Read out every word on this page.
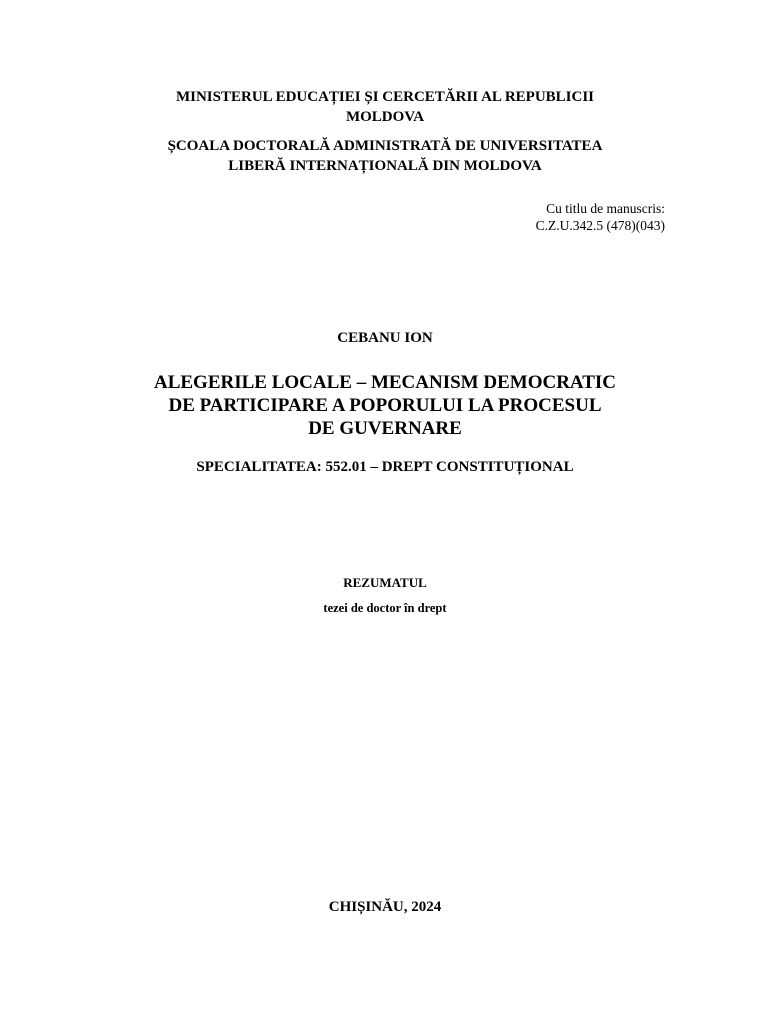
MINISTERUL EDUCAȚIEI ȘI CERCETĂRII AL REPUBLICII
MOLDOVA
ȘCOALA DOCTORALĂ ADMINISTRATĂ DE UNIVERSITATEA
LIBERĂ INTERNAȚIONALĂ DIN MOLDOVA
Cu titlu de manuscris:
C.Z.U.342.5 (478)(043)
CEBANU ION
ALEGERILE LOCALE – MECANISM DEMOCRATIC
DE PARTICIPARE A POPORULUI LA PROCESUL
DE GUVERNARE
SPECIALITATEA: 552.01 – DREPT CONSTITUȚIONAL
REZUMATUL
tezei de doctor în drept
CHIȘINĂU, 2024
